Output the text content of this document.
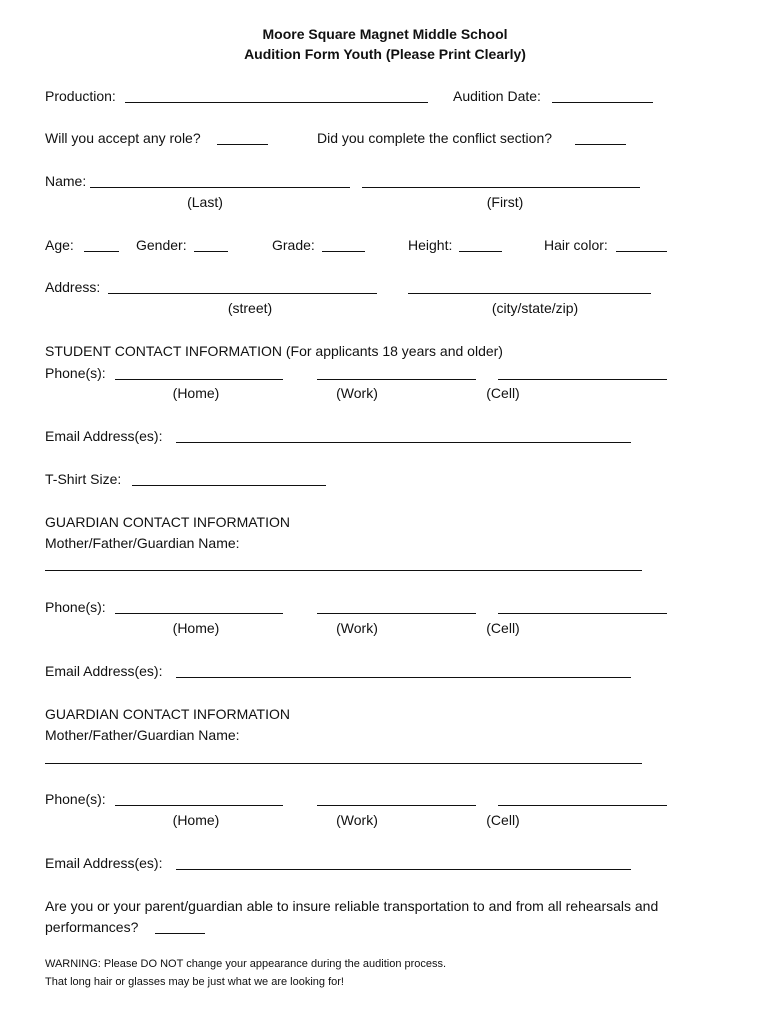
Moore Square Magnet Middle School
Audition Form Youth (Please Print Clearly)
Production:	Audition Date:
Will you accept any role?	Did you complete the conflict section?
Name:
(Last)	(First)
Age:	Gender:	Grade:	Height:	Hair color:
Address:
(street)	(city/state/zip)
STUDENT CONTACT INFORMATION (For applicants 18 years and older)
Phone(s):
(Home)	(Work)	(Cell)
Email Address(es):
T-Shirt Size:
GUARDIAN CONTACT INFORMATION
Mother/Father/Guardian Name:
Phone(s):
(Home)	(Work)	(Cell)
Email Address(es):
GUARDIAN CONTACT INFORMATION
Mother/Father/Guardian Name:
Phone(s):
(Home)	(Work)	(Cell)
Email Address(es):
Are you or your parent/guardian able to insure reliable transportation to and from all rehearsals and
performances?
WARNING: Please DO NOT change your appearance during the audition process.
That long hair or glasses may be just what we are looking for!
